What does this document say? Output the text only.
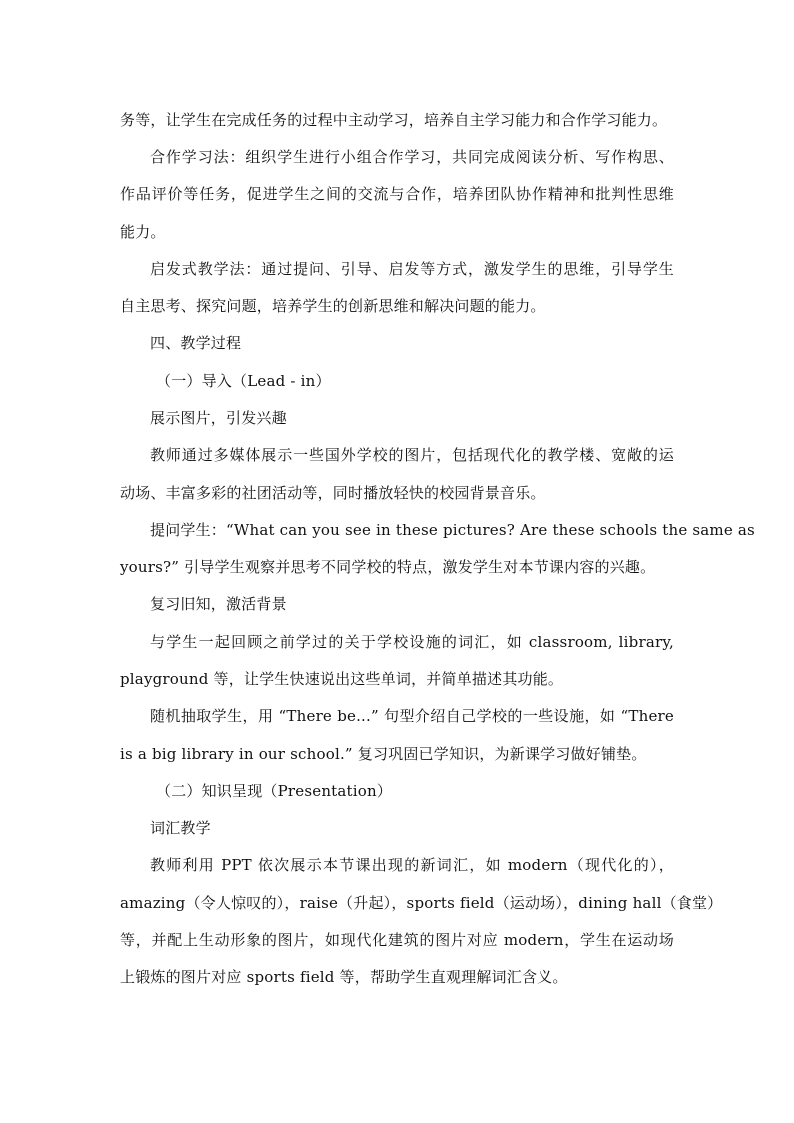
务等，让学生在完成任务的过程中主动学习，培养自主学习能力和合作学习能力。

合作学习法：组织学生进行小组合作学习，共同完成阅读分析、写作构思、

作品评价等任务，促进学生之间的交流与合作，培养团队协作精神和批判性思维

能力。

启发式教学法：通过提问、引导、启发等方式，激发学生的思维，引导学生

自主思考、探究问题，培养学生的创新思维和解决问题的能力。

四、教学过程

（一）导入（Lead - in）

展示图片，引发兴趣

教师通过多媒体展示一些国外学校的图片，包括现代化的教学楼、宽敞的运

动场、丰富多彩的社团活动等，同时播放轻快的校园背景音乐。

提问学生：“What can you see in these pictures? Are these schools the same as

yours?” 引导学生观察并思考不同学校的特点，激发学生对本节课内容的兴趣。

复习旧知，激活背景

与学生一起回顾之前学过的关于学校设施的词汇，如 classroom, library,

playground 等，让学生快速说出这些单词，并简单描述其功能。

随机抽取学生，用 “There be...” 句型介绍自己学校的一些设施，如 “There

is a big library in our school.” 复习巩固已学知识，为新课学习做好铺垫。

（二）知识呈现（Presentation）

词汇教学

教师利用 PPT 依次展示本节课出现的新词汇，如 modern（现代化的），

amazing（令人惊叹的），raise（升起），sports field（运动场），dining hall（食堂）

等，并配上生动形象的图片，如现代化建筑的图片对应 modern，学生在运动场

上锻炼的图片对应 sports field 等，帮助学生直观理解词汇含义。
